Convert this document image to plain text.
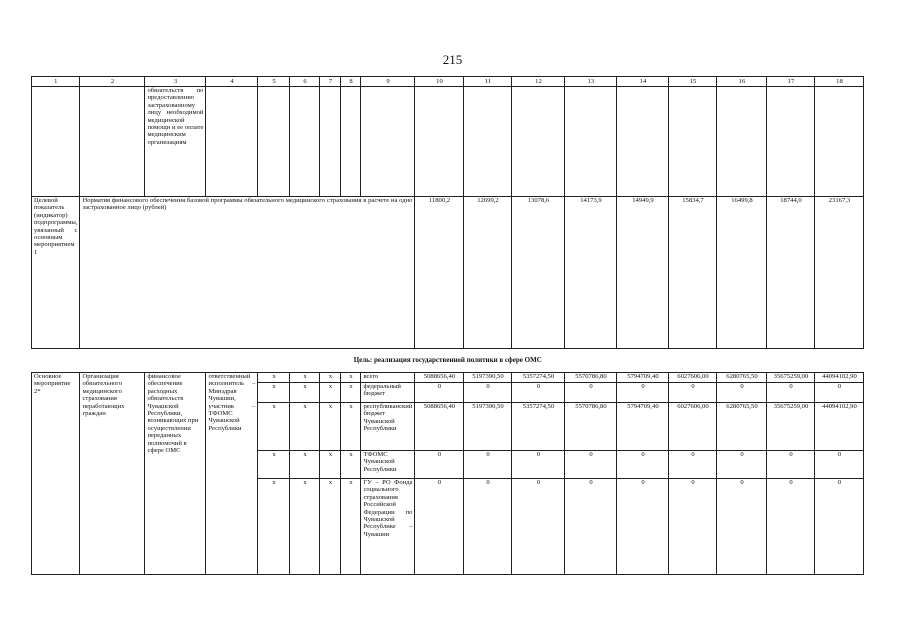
215
1	2	3	4	5	6	7	8	9	10	11	12	13	14	15	16	17	18
		обязательств по предоставлению застрахованному лицу необходимой медицинской помощи и ее оплате медицинским организациям															
Целевой показатель (индикатор) подпрограммы, увязанный с основным мероприятием 1	Норматив финансового обеспечения базовой программы обязательного медицинского страхования в расчете на одно застрахованное лицо (рублей)								11800,2	12699,2	13078,6	14173,9	14949,9	15834,7	16499,8	18744,0	23167,3
Цель: реализация государственной политики в сфере ОМС																	
Основное мероприятие 2*	Организация обязательного медицинского страхования неработающих граждан	финансовое обеспечение расходных обязательств Чувашской Республики, возникающих при осуществлении переданных полномочий в сфере ОМС	ответственный исполнитель – Минздрав Чувашии, участник – ТФОМС Чувашской Республики	х	х	х	х	всего	5088656,40	5197390,50	5357274,50	5570786,80	5794709,40	6027606,00	6280765,50	35675259,00	44094102,90
				х	х	х	х	федеральный бюджет	0	0	0	0	0	0	0	0	0
				х	х	х	х	республиканский бюджет Чувашской Республики	5088656,40	5197390,50	5357274,50	5570786,80	5794709,40	6027606,00	6280765,50	35675259,00	44094102,90
				х	х	х	х	ТФОМС Чувашской Республики	0	0	0	0	0	0	0	0	0
				х	х	х	х	ГУ – РО Фонда социального страхования Российской Федерации по Чувашской Республике – Чувашии	0	0	0	0	0	0	0	0	0
